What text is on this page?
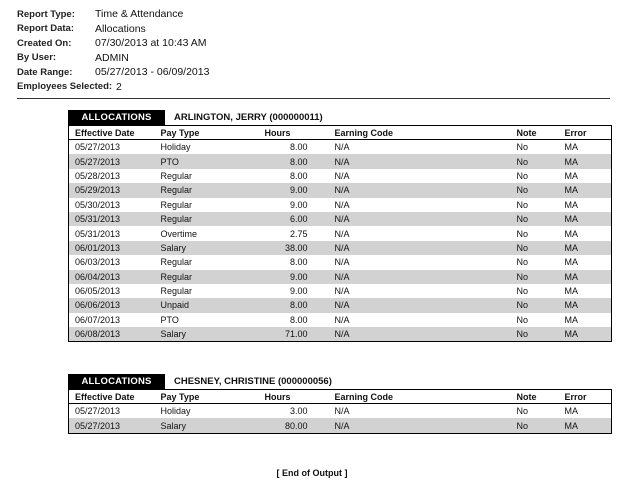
Report Type:	Time & Attendance
Report Data:	Allocations
Created On:	07/30/2013 at 10:43 AM
By User:	ADMIN
Date Range:	05/27/2013 - 06/09/2013
Employees Selected: 2
ALLOCATIONS	ARLINGTON, JERRY (000000011)
Effective Date	Pay Type	Hours	Earning Code	Note	Error
05/27/2013	Holiday	8.00	N/A	No	MA
05/27/2013	PTO	8.00	N/A	No	MA
05/28/2013	Regular	8.00	N/A	No	MA
05/29/2013	Regular	9.00	N/A	No	MA
05/30/2013	Regular	9.00	N/A	No	MA
05/31/2013	Regular	6.00	N/A	No	MA
05/31/2013	Overtime	2.75	N/A	No	MA
06/01/2013	Salary	38.00	N/A	No	MA
06/03/2013	Regular	8.00	N/A	No	MA
06/04/2013	Regular	9.00	N/A	No	MA
06/05/2013	Regular	9.00	N/A	No	MA
06/06/2013	Unpaid	8.00	N/A	No	MA
06/07/2013	PTO	8.00	N/A	No	MA
06/08/2013	Salary	71.00	N/A	No	MA
ALLOCATIONS	CHESNEY, CHRISTINE (000000056)
Effective Date	Pay Type	Hours	Earning Code	Note	Error
05/27/2013	Holiday	3.00	N/A	No	MA
05/27/2013	Salary	80.00	N/A	No	MA
[ End of Output ]
